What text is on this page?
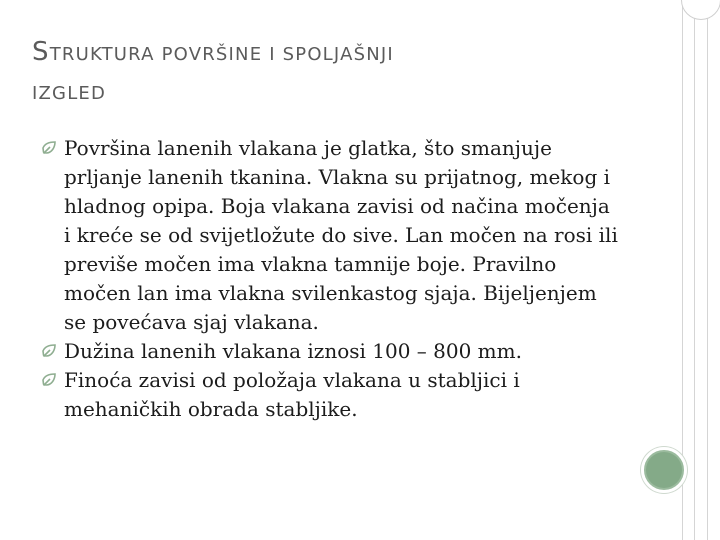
STRUKTURA POVRŠINE I SPOLJAŠNJI
IZGLED
Površina lanenih vlakana je glatka, što smanjuje prljanje lanenih tkanina. Vlakna su prijatnog, mekog i hladnog opipa. Boja vlakana zavisi od načina močenja i kreće se od svijetložute do sive. Lan močen na rosi ili previše močen ima vlakna tamnije boje. Pravilno močen lan ima vlakna svilenkastog sjaja. Bijeljenjem se povećava sjaj vlakana.
Dužina lanenih vlakana iznosi 100 – 800 mm.
Finoća zavisi od položaja vlakana u stabljici i mehaničkih obrada stabljike.
